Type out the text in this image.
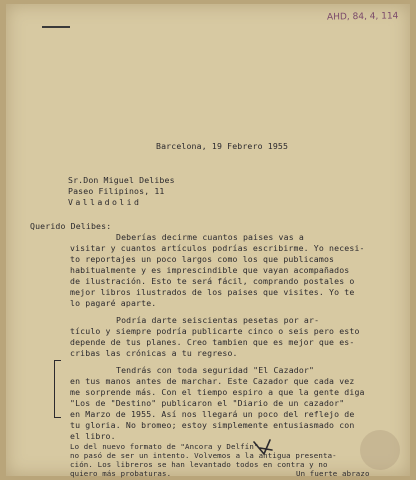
AHD, 84, 4, 114
Barcelona, 19 Febrero 1955
Sr.Don Miguel Delibes
Paseo Filipinos, 11
Valladolid
Querido Delibes:
Deberías decirme cuantos paises vas a
visitar y cuantos artículos podrías escribirme. Yo necesi-
to reportajes un poco largos como los que publicamos
habitualmente y es imprescindible que vayan acompañados
de ilustración. Esto te será fácil, comprando postales o
mejor libros ilustrados de los paises que visites. Yo te
lo pagaré aparte.
Podría darte seiscientas pesetas por ar-
tículo y siempre podría publicarte cinco o seis pero esto
depende de tus planes. Creo tambien que es mejor que es-
cribas las crónicas a tu regreso.
Tendrás con toda seguridad "El Cazador"
en tus manos antes de marchar. Este Cazador que cada vez
me sorprende más. Con el tiempo espiro a que la gente diga
"Los de "Destino" publicaron el "Diario de un cazador"
en Marzo de 1955. Así nos llegará un poco del reflejo de
tu gloria. No bromeo; estoy simplemente entusiasmado con
el libro.
Lo del nuevo formato de "Ancora y Delfín"
no pasó de ser un intento. Volvemos a la antigua presenta-
ción. Los libreros se han levantado todos en contra y no
quiero más probaturas.	Un fuerte abrazo
